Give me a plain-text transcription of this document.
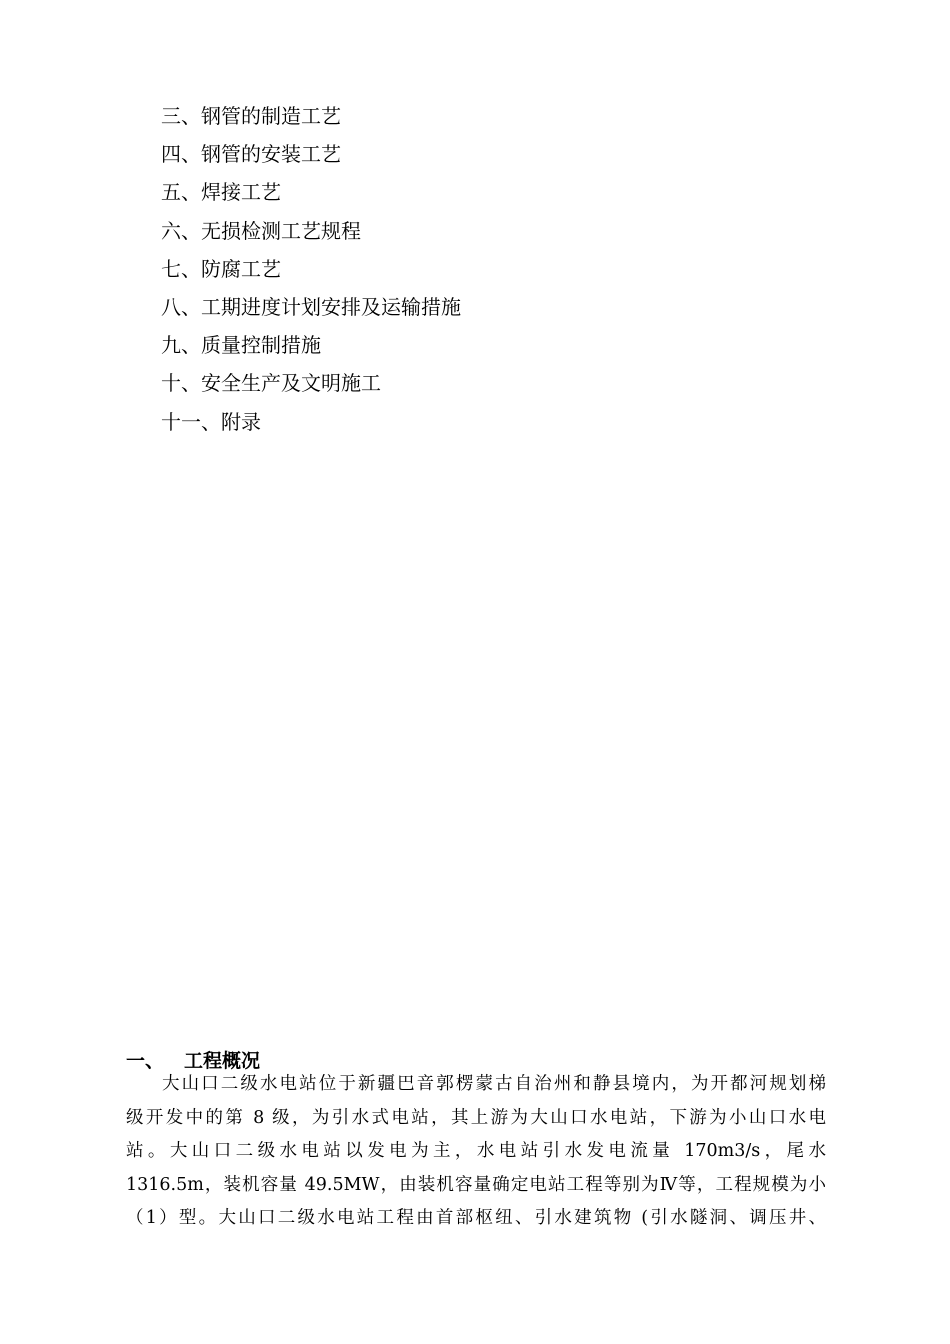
三、钢管的制造工艺
四、钢管的安装工艺
五、焊接工艺
六、无损检测工艺规程
七、防腐工艺
八、工期进度计划安排及运输措施
九、质量控制措施
十、安全生产及文明施工
十一、附录
一、 工程概况
大山口二级水电站位于新疆巴音郭楞蒙古自治州和静县境内，为开都河规划梯
级开发中的第 8 级，为引水式电站，其上游为大山口水电站，下游为小山口水电
站。大山口二级水电站以发电为主，水电站引水发电流量 170m3/s，尾水
1316.5m，装机容量 49.5MW，由装机容量确定电站工程等别为Ⅳ等，工程规模为小
（1）型。大山口二级水电站工程由首部枢纽、引水建筑物 (引水隧洞、调压井、
